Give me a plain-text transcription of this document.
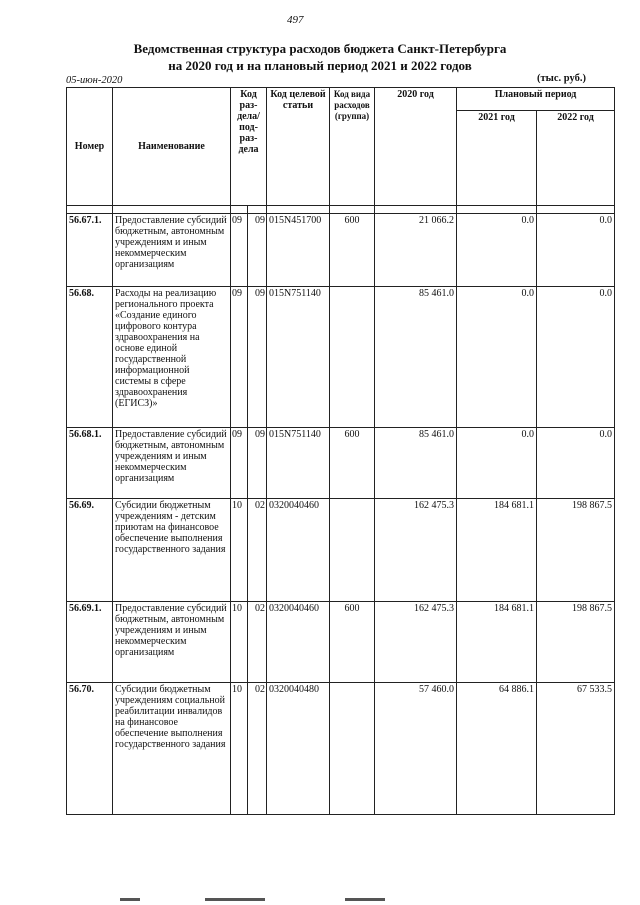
497
Ведомственная структура расходов бюджета Санкт-Петербурга
на 2020 год и на плановый период 2021 и 2022 годов
05-июн-2020	(тыс. руб.)
Номер	Наименование	Код раз- дела/ под- раз- дела		Код целевой статьи	Код вида расходов (группа)	2020 год	Плановый период	
							2021 год	2022 год

56.67.1.	Предоставление субсидий бюджетным, автономным учреждениям и иным некоммерческим организациям	09	09	015N451700	600	21 066.2	0.0	0.0
56.68.	Расходы на реализацию регионального проекта «Создание единого цифрового контура здравоохранения на основе единой государственной информационной системы в сфере здравоохранения (ЕГИСЗ)»	09	09	015N751140		85 461.0	0.0	0.0
56.68.1.	Предоставление субсидий бюджетным, автономным учреждениям и иным некоммерческим организациям	09	09	015N751140	600	85 461.0	0.0	0.0
56.69.	Субсидии бюджетным учреждениям - детским приютам на финансовое обеспечение выполнения государственного задания	10	02	0320040460		162 475.3	184 681.1	198 867.5
56.69.1.	Предоставление субсидий бюджетным, автономным учреждениям и иным некоммерческим организациям	10	02	0320040460	600	162 475.3	184 681.1	198 867.5
56.70.	Субсидии бюджетным учреждениям социальной реабилитации инвалидов на финансовое обеспечение выполнения государственного задания	10	02	0320040480		57 460.0	64 886.1	67 533.5
